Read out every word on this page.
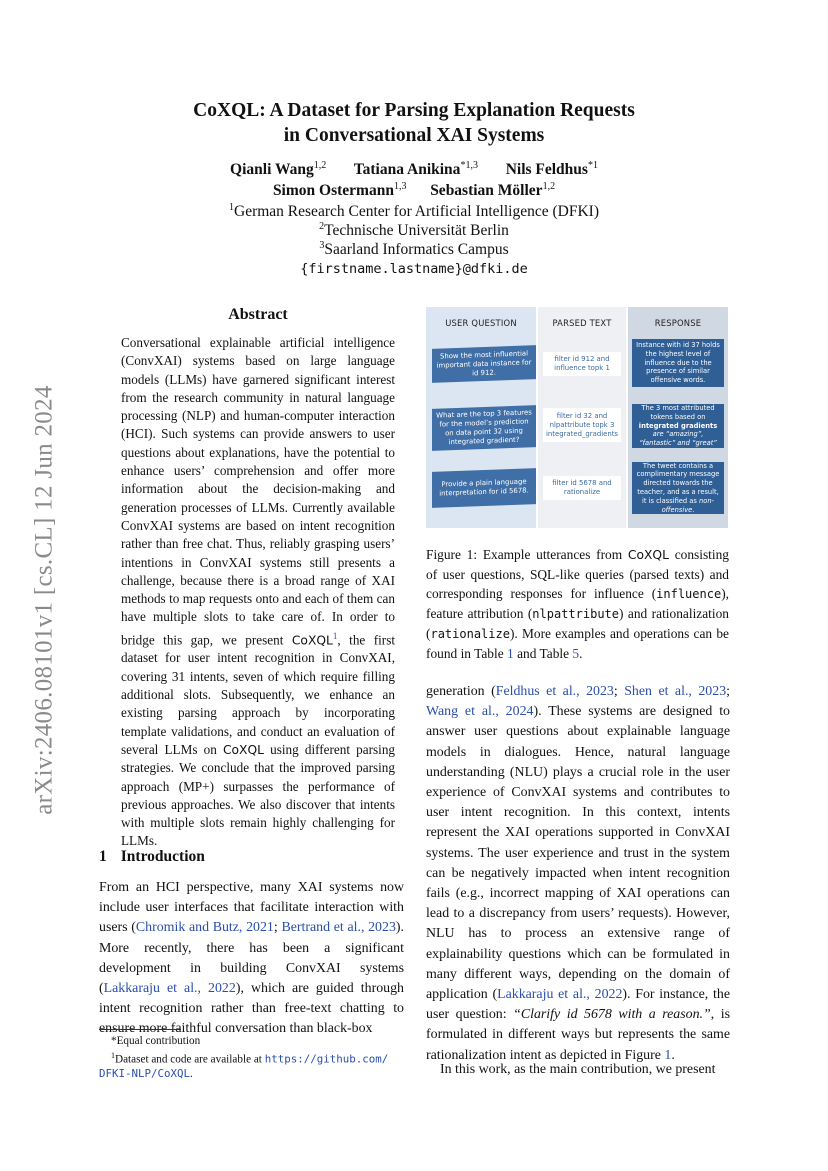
arXiv:2406.08101v1 [cs.CL] 12 Jun 2024
CoXQL: A Dataset for Parsing Explanation Requests
in Conversational XAI Systems
Qianli Wang$^{1,2}$ Tatiana Anikina$^{*1,3}$ Nils Feldhus$^{*1}$
Simon Ostermann$^{1,3}$ Sebastian Möller$^{1,2}$
$^1$German Research Center for Artificial Intelligence (DFKI)
$^2$Technische Universität Berlin
$^3$Saarland Informatics Campus
{firstname.lastname}@dfki.de
Abstract

Conversational explainable artificial intelligence (ConvXAI) systems based on large language models (LLMs) have garnered significant interest from the research community in natural language processing (NLP) and human-computer interaction (HCI). Such systems can provide answers to user questions about explanations, have the potential to enhance users’ comprehension and offer more information about the decision-making and generation processes of LLMs. Currently available ConvXAI systems are based on intent recognition rather than free chat. Thus, reliably grasping users’ intentions in ConvXAI systems still presents a challenge, because there is a broad range of XAI methods to map requests onto and each of them can have multiple slots to take care of. In order to bridge this gap, we present CoXQL$^1$, the first dataset for user intent recognition in ConvXAI, covering 31 intents, seven of which require filling additional slots. Subsequently, we enhance an existing parsing approach by incorporating template validations, and conduct an evaluation of several LLMs on CoXQL using different parsing strategies. We conclude that the improved parsing approach (MP+) surpasses the performance of previous approaches. We also discover that intents with multiple slots remain highly challenging for LLMs.

1 Introduction

From an HCI perspective, many XAI systems now include user interfaces that facilitate interaction with users (Chromik and Butz, 2021; Bertrand et al., 2023). More recently, there has been a significant development in building ConvXAI systems (Lakkaraju et al., 2022), which are guided through intent recognition rather than free-text chatting to ensure more faithful conversation than black-box

*Equal contribution
$^1$Dataset and code are available at https://github.com/
DFKI-NLP/CoXQL.
USER QUESTION	PARSED TEXT	RESPONSE
Show the most influential important data instance for id 912.
filter id 912 and influence topk 1
Instance with id 37 holds the highest level of influence due to the presence of similar offensive words.
What are the top 3 features for the model’s prediction on data point 32 using integrated gradient?
filter id 32 and nlpattribute topk 3 integrated_gradients
The 3 most attributed tokens based on integrated gradients are “amazing”, “fantastic” and “great”
Provide a plain language interpretation for id 5678.
filter id 5678 and rationalize
The tweet contains a complimentary message directed towards the teacher, and as a result, it is classified as non-offensive.

Figure 1: Example utterances from CoXQL consisting of user questions, SQL-like queries (parsed texts) and corresponding responses for influence (influence), feature attribution (nlpattribute) and rationalization (rationalize). More examples and operations can be found in Table 1 and Table 5.

generation (Feldhus et al., 2023; Shen et al., 2023; Wang et al., 2024). These systems are designed to answer user questions about explainable language models in dialogues. Hence, natural language understanding (NLU) plays a crucial role in the user experience of ConvXAI systems and contributes to user intent recognition. In this context, intents represent the XAI operations supported in ConvXAI systems. The user experience and trust in the system can be negatively impacted when intent recognition fails (e.g., incorrect mapping of XAI operations can lead to a discrepancy from users’ requests). However, NLU has to process an extensive range of explainability questions which can be formulated in many different ways, depending on the domain of application (Lakkaraju et al., 2022). For instance, the user question: “Clarify id 5678 with a reason.”, is formulated in different ways but represents the same rationalization intent as depicted in Figure 1.

In this work, as the main contribution, we present
